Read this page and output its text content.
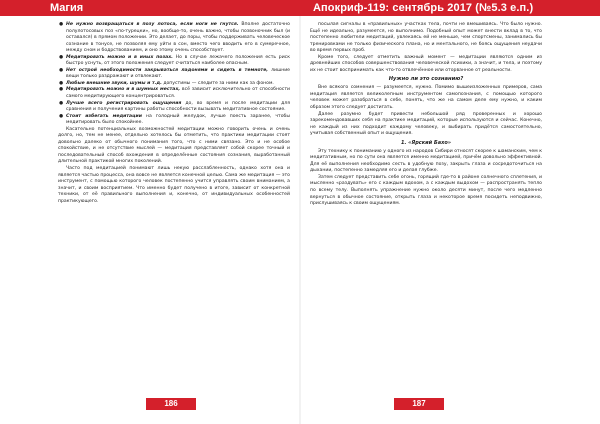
Магия	Апокриф-119: сентябрь 2017 (№5.3 е.п.)
● Не нужно возвращаться в позу лотоса, если ноги не гнутся. Вполне достаточно полулотосовых поз «по-турецки», но, вообще-то, очень важно, чтобы позвоночник был (и оставался) в прямом положении. Это делает, до поры, чтобы поддерживать человеческое сознание в тонусе, не позволяя ему уйти в сон, вместо чего вводить его в сумеречное, между сном и бодрствованием, и оно этому очень способствует.
● Медитировать можно и в иных позах. Но в случае лежачего положения есть риск быстро уснуть, от этого положения следует считаться наиболее опасным.
● Нет острой необходимости закрываться ладонями и сидеть в темноте, лишние вещи только раздражают и отвлекают.
● Любые внешние звуки, шумы и т.д. допустимы — следите за ними как за фоном.
● Медитировать можно и в шумных местах, всё зависит исключительно от способности самого медитирующего концентрироваться.
● Лучше всего регистрировать ощущения до, во время и после медитации для сравнения и получения картины работы способности вызывать медитативное состояние.
● Стоит избегать медитации на голодный желудок, лучше поесть заранее, чтобы медитировать было спокойнее.

Касательно потенциальных возможностей медитации можно говорить очень и очень долго, но, тем не менее, отдельно хотелось бы отметить, что практики медитации стоят довольно далеко от обычного понимания того, что с ними связано. Это и не особое спокойствие, и не отсутствие мыслей — медитация представляет собой скорее точный и последовательный способ вхождения в определённые состояния сознания, выработанный длительной практикой многих поколений.

Часто под медитацией понимают лишь некую расслабленность, однако хотя она и является частью процесса, она вовсе не является конечной целью. Сама же медитация — это инструмент, с помощью которого человек постепенно учится управлять своим вниманием, а значит, и своим восприятием. Что именно будет получено в итоге, зависит от конкретной техники, от её правильного выполнения и, конечно, от индивидуальных особенностей практикующего.

посылая сигналы в «правильных» участках тела, почти не вмешиваясь. Что было нужно. Ещё не идеально, разумеется, но выполнимо. Подобный опыт может внести вклад в то, что постепенно любители медитаций, увлекаясь ей не меньше, чем спортсмены, занимались бы тренировками не только физического плана, но и ментального, не боясь ощущения неудачи во время первых проб.

Кроме того, следует отметить важный момент — медитации являются одним из древнейших способов совершенствования человеческой психики, а значит, и тела, и поэтому их не стоит воспринимать как что-то отвлечённое или оторванное от реальности.

Нужно ли это сознанию?

Вне всякого сомнения — разумеется, нужно. Помимо вышеизложенных примеров, сама медитация является великолепным инструментом самопознания, с помощью которого человек может разобраться в себе, понять, что же на самом деле ему нужно, и каким образом этого следует достигать.

Далее разумно будет привести небольшой ряд проверенных и хорошо зарекомендовавших себя на практике медитаций, которые используются и сейчас. Конечно, не каждый из них подходит каждому человеку, и выбирать придётся самостоятельно, учитывая собственный опыт и ощущения.

1. «Ярский Бахо»

Эту технику к пониманию у одного из народов Сибири относят скорее к шаманским, чем к медитативным, но по сути она является именно медитацией, причём довольно эффективной. Для её выполнения необходимо сесть в удобную позу, закрыть глаза и сосредоточиться на дыхании, постепенно замедляя его и делая глубже.

Затем следует представить себе огонь, горящий где-то в районе солнечного сплетения, и мысленно «раздувать» его с каждым вдохом, а с каждым выдохом — распространять тепло по всему телу. Выполнять упражнение нужно около десяти минут, после чего медленно вернуться в обычное состояние, открыть глаза и некоторое время посидеть неподвижно, прислушиваясь к своим ощущениям.

186	187
